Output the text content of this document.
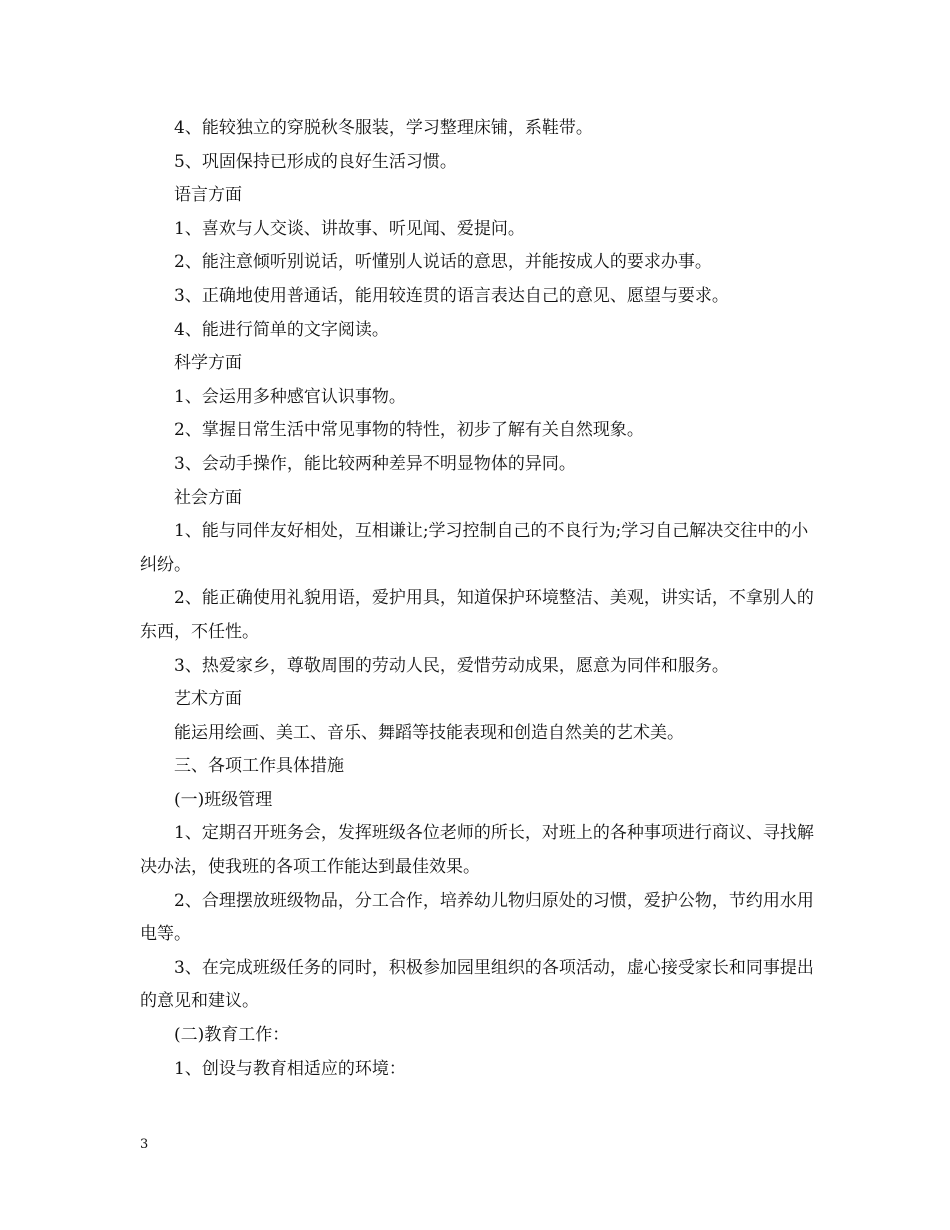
4、能较独立的穿脱秋冬服装，学习整理床铺，系鞋带。

5、巩固保持已形成的良好生活习惯。

语言方面

1、喜欢与人交谈、讲故事、听见闻、爱提问。

2、能注意倾听别说话，听懂别人说话的意思，并能按成人的要求办事。

3、正确地使用普通话，能用较连贯的语言表达自己的意见、愿望与要求。

4、能进行简单的文字阅读。

科学方面

1、会运用多种感官认识事物。

2、掌握日常生活中常见事物的特性，初步了解有关自然现象。

3、会动手操作，能比较两种差异不明显物体的异同。

社会方面

1、能与同伴友好相处，互相谦让;学习控制自己的不良行为;学习自己解决交往中的小纠纷。

2、能正确使用礼貌用语，爱护用具，知道保护环境整洁、美观，讲实话，不拿别人的东西，不任性。

3、热爱家乡，尊敬周围的劳动人民，爱惜劳动成果，愿意为同伴和服务。

艺术方面

能运用绘画、美工、音乐、舞蹈等技能表现和创造自然美的艺术美。

三、各项工作具体措施

(一)班级管理

1、定期召开班务会，发挥班级各位老师的所长，对班上的各种事项进行商议、寻找解决办法，使我班的各项工作能达到最佳效果。

2、合理摆放班级物品，分工合作，培养幼儿物归原处的习惯，爱护公物，节约用水用电等。

3、在完成班级任务的同时，积极参加园里组织的各项活动，虚心接受家长和同事提出的意见和建议。

(二)教育工作：

1、创设与教育相适应的环境：

3
